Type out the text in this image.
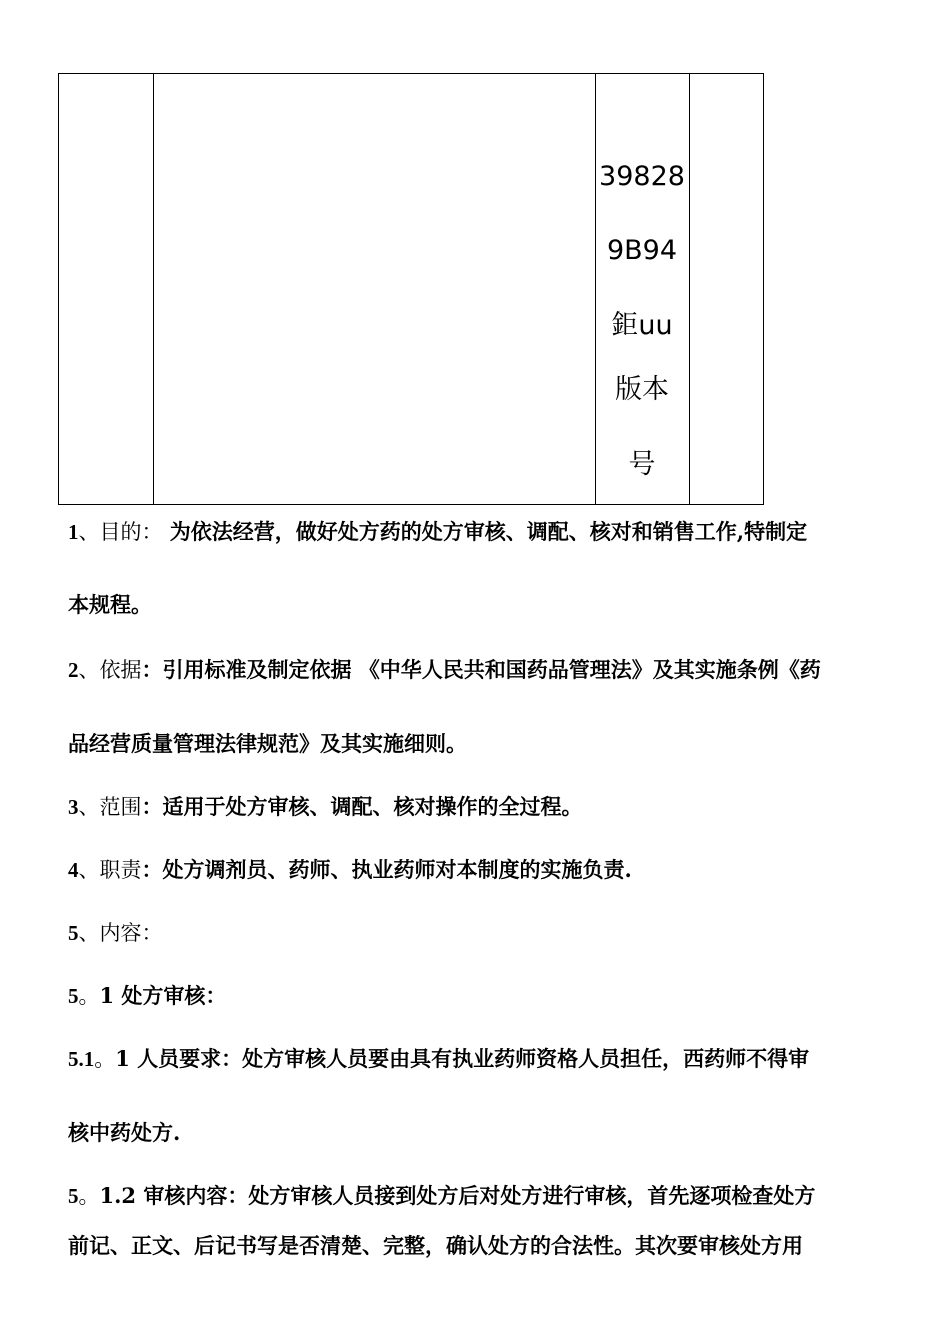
39828
9B94
鉅uu
版本
号
1、目的： 为依法经营，做好处方药的处方审核、调配、核对和销售工作,特制定
本规程。
2、依据：引用标准及制定依据 《中华人民共和国药品管理法》及其实施条例《药
品经营质量管理法律规范》及其实施细则。
3、范围：适用于处方审核、调配、核对操作的全过程。
4、职责：处方调剂员、药师、执业药师对本制度的实施负责.
5、内容：
5。1 处方审核：
5.1。1 人员要求：处方审核人员要由具有执业药师资格人员担任，西药师不得审
核中药处方.
5。1.2 审核内容：处方审核人员接到处方后对处方进行审核，首先逐项检查处方
前记、正文、后记书写是否清楚、完整，确认处方的合法性。其次要审核处方用
